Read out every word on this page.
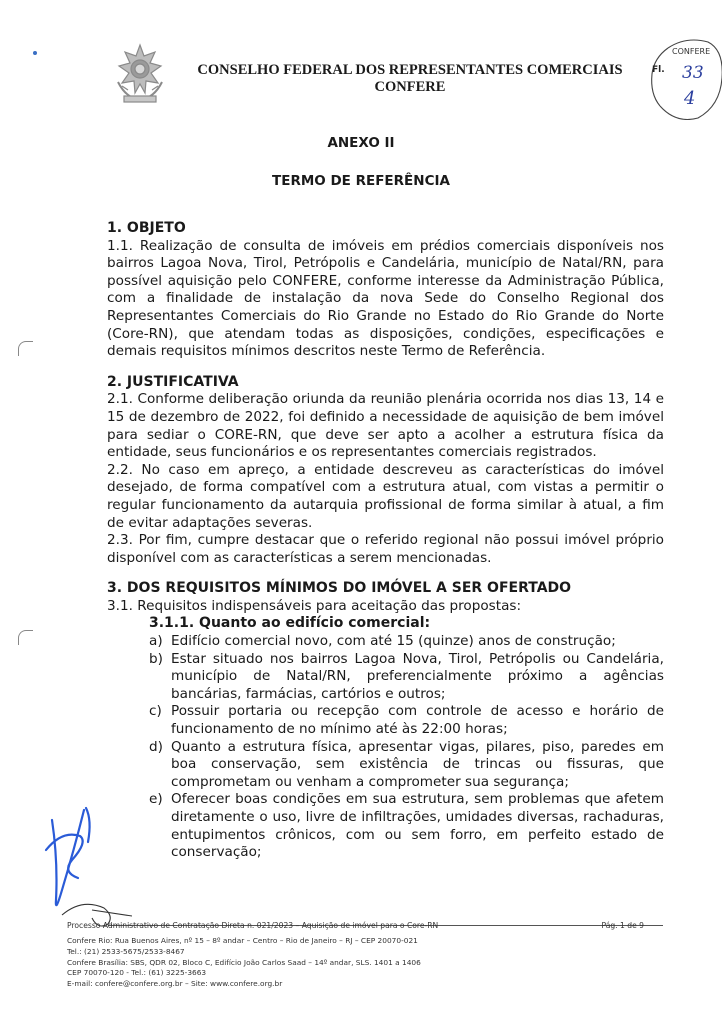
CONSELHO FEDERAL DOS REPRESENTANTES COMERCIAIS
CONFERE
CONFERE
Fl. 33
4
ANEXO II
TERMO DE REFERÊNCIA
1. OBJETO

1.1. Realização de consulta de imóveis em prédios comerciais disponíveis nos bairros Lagoa Nova, Tirol, Petrópolis e Candelária, município de Natal/RN, para possível aquisição pelo CONFERE, conforme interesse da Administração Pública, com a finalidade de instalação da nova Sede do Conselho Regional dos Representantes Comerciais do Rio Grande no Estado do Rio Grande do Norte (Core-RN), que atendam todas as disposições, condições, especificações e demais requisitos mínimos descritos neste Termo de Referência.

2. JUSTIFICATIVA

2.1. Conforme deliberação oriunda da reunião plenária ocorrida nos dias 13, 14 e 15 de dezembro de 2022, foi definido a necessidade de aquisição de bem imóvel para sediar o CORE-RN, que deve ser apto a acolher a estrutura física da entidade, seus funcionários e os representantes comerciais registrados.

2.2. No caso em apreço, a entidade descreveu as características do imóvel desejado, de forma compatível com a estrutura atual, com vistas a permitir o regular funcionamento da autarquia profissional de forma similar à atual, a fim de evitar adaptações severas.

2.3. Por fim, cumpre destacar que o referido regional não possui imóvel próprio disponível com as características a serem mencionadas.

3. DOS REQUISITOS MÍNIMOS DO IMÓVEL A SER OFERTADO

3.1. Requisitos indispensáveis para aceitação das propostas:

3.1.1. Quanto ao edifício comercial:
a) Edifício comercial novo, com até 15 (quinze) anos de construção;
b) Estar situado nos bairros Lagoa Nova, Tirol, Petrópolis ou Candelária, município de Natal/RN, preferencialmente próximo a agências bancárias, farmácias, cartórios e outros;
c) Possuir portaria ou recepção com controle de acesso e horário de funcionamento de no mínimo até às 22:00 horas;
d) Quanto a estrutura física, apresentar vigas, pilares, piso, paredes em boa conservação, sem existência de trincas ou fissuras, que comprometam ou venham a comprometer sua segurança;
e) Oferecer boas condições em sua estrutura, sem problemas que afetem diretamente o uso, livre de infiltrações, umidades diversas, rachaduras, entupimentos crônicos, com ou sem forro, em perfeito estado de conservação;
Processo Administrativo de Contratação Direta n. 021/2023 – Aquisição de imóvel para o Core-RN	Pág. 1 de 9
Confere Rio: Rua Buenos Aires, nº 15 – 8º andar – Centro – Rio de Janeiro – RJ – CEP 20070-021
Tel.: (21) 2533-5675/2533-8467
Confere Brasília: SBS, QDR 02, Bloco C, Edifício João Carlos Saad – 14º andar, SLS. 1401 a 1406
CEP 70070-120 - Tel.: (61) 3225-3663
E-mail: confere@confere.org.br – Site: www.confere.org.br
